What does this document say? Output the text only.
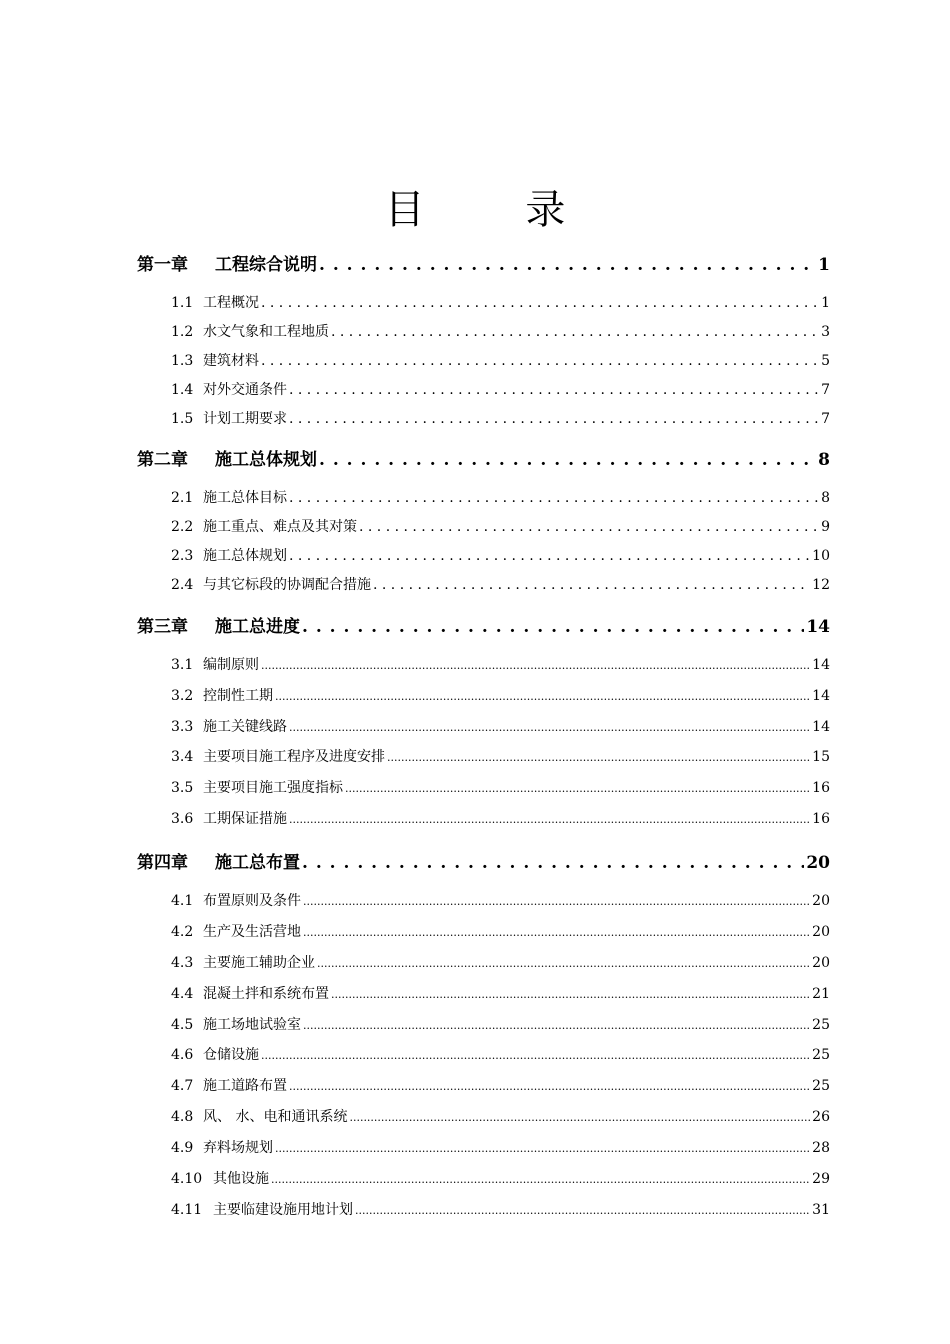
目 录
第一章	工程综合说明 . . .	1
1.1 工程概况 . . .	1
1.2 水文气象和工程地质 . . .	3
1.3 建筑材料 . . .	5
1.4 对外交通条件 . . .	7
1.5 计划工期要求 . . .	7
第二章	施工总体规划 . . .	8
2.1 施工总体目标 . . .	8
2.2 施工重点、难点及其对策 . . .	9
2.3 施工总体规划 . . .	10
2.4 与其它标段的协调配合措施 . . .	12
第三章	施工总进度 . . .	14
3.1 编制原则 .....	14
3.2 控制性工期 .....	14
3.3 施工关键线路 .....	14
3.4 主要项目施工程序及进度安排 .....	15
3.5 主要项目施工强度指标 .....	16
3.6 工期保证措施 .....	16
第四章	施工总布置 . . .	20
4.1 布置原则及条件 .....	20
4.2 生产及生活营地 .....	20
4.3 主要施工辅助企业 .....	20
4.4 混凝土拌和系统布置 .....	21
4.5 施工场地试验室 .....	25
4.6 仓储设施 .....	25
4.7 施工道路布置 .....	25
4.8 风、 水、电和通讯系统 .....	26
4.9 弃料场规划 .....	28
4.10 其他设施 .....	29
4.11 主要临建设施用地计划 .....	31
